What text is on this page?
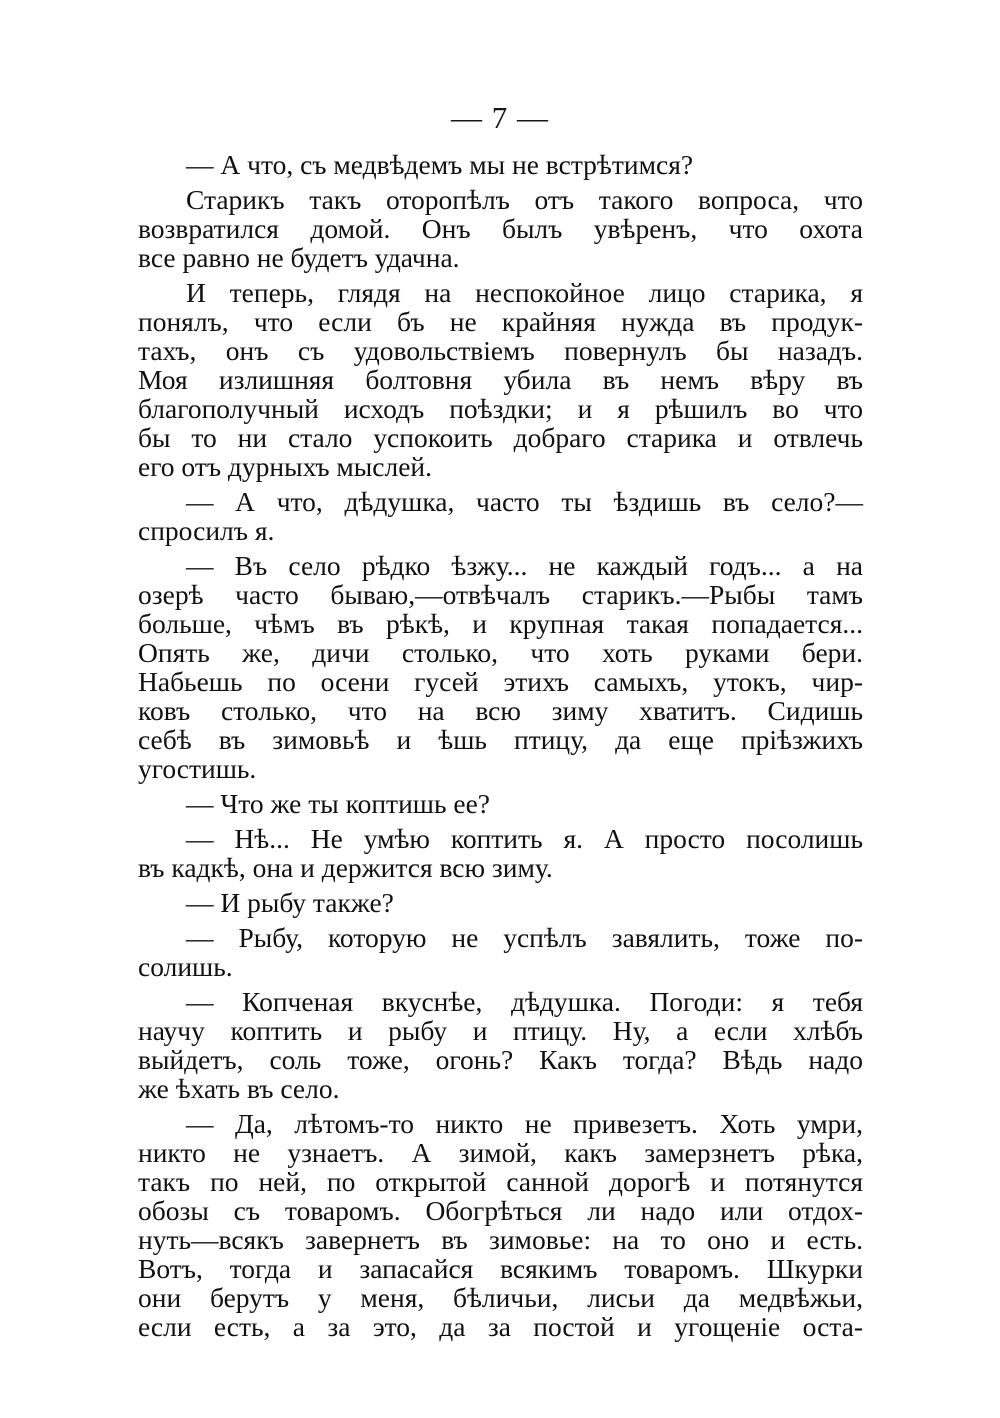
— 7 —
— А что, съ медвѣдемъ мы не встрѣтимся?
Старикъ такъ оторопѣлъ отъ такого вопроса, что
возвратился домой. Онъ былъ увѣренъ, что охота
все равно не будетъ удачна.
И теперь, глядя на неспокойное лицо старика, я
понялъ, что если бъ не крайняя нужда въ продук-
тахъ, онъ съ удовольствіемъ повернулъ бы назадъ.
Моя излишняя болтовня убила въ немъ вѣру въ
благополучный исходъ поѣздки; и я рѣшилъ во что
бы то ни стало успокоить добраго старика и отвлечь
его отъ дурныхъ мыслей.
— А что, дѣдушка, часто ты ѣздишь въ село?—
спросилъ я.
— Въ село рѣдко ѣзжу... не каждый годъ... а на
озерѣ часто бываю,—отвѣчалъ старикъ.—Рыбы тамъ
больше, чѣмъ въ рѣкѣ, и крупная такая попадается...
Опять же, дичи столько, что хоть руками бери.
Набьешь по осени гусей этихъ самыхъ, утокъ, чир-
ковъ столько, что на всю зиму хватитъ. Сидишь
себѣ въ зимовьѣ и ѣшь птицу, да еще пріѣзжихъ
угостишь.
— Что же ты коптишь ее?
— Нѣ... Не умѣю коптить я. А просто посолишь
въ кадкѣ, она и держится всю зиму.
— И рыбу также?
— Рыбу, которую не успѣлъ завялить, тоже по-
солишь.
— Копченая вкуснѣе, дѣдушка. Погоди: я тебя
научу коптить и рыбу и птицу. Ну, а если хлѣбъ
выйдетъ, соль тоже, огонь? Какъ тогда? Вѣдь надо
же ѣхать въ село.
— Да, лѣтомъ-то никто не привезетъ. Хоть умри,
никто не узнаетъ. А зимой, какъ замерзнетъ рѣка,
такъ по ней, по открытой санной дорогѣ и потянутся
обозы съ товаромъ. Обогрѣться ли надо или отдох-
нуть—всякъ завернетъ въ зимовье: на то оно и есть.
Вотъ, тогда и запасайся всякимъ товаромъ. Шкурки
они берутъ у меня, бѣличьи, лисьи да медвѣжьи,
если есть, а за это, да за постой и угощеніе оста-
